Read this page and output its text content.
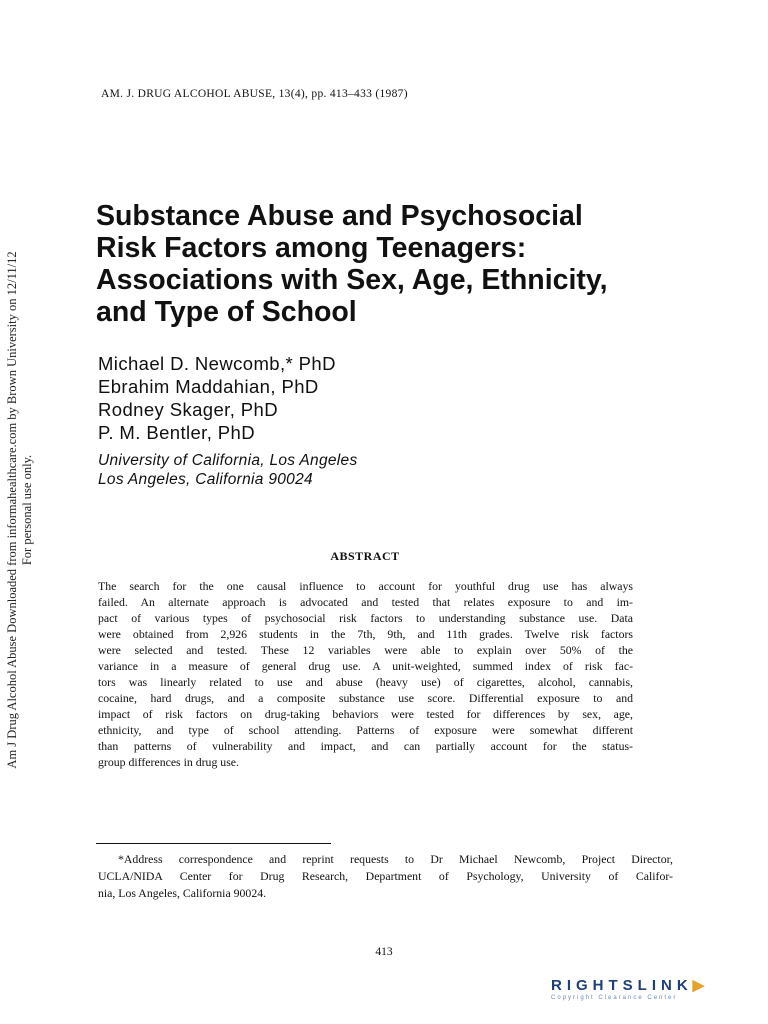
Am J Drug Alcohol Abuse Downloaded from informahealthcare.com by Brown University on 12/11/12 For personal use only.
AM. J. DRUG ALCOHOL ABUSE, 13(4), pp. 413–433 (1987)
Substance Abuse and Psychosocial
Risk Factors among Teenagers:
Associations with Sex, Age, Ethnicity,
and Type of School
Michael D. Newcomb,* PhD
Ebrahim Maddahian, PhD
Rodney Skager, PhD
P. M. Bentler, PhD
University of California, Los Angeles
Los Angeles, California 90024
ABSTRACT
The search for the one causal influence to account for youthful drug use has always
failed. An alternate approach is advocated and tested that relates exposure to and im-
pact of various types of psychosocial risk factors to understanding substance use. Data
were obtained from 2,926 students in the 7th, 9th, and 11th grades. Twelve risk factors
were selected and tested. These 12 variables were able to explain over 50% of the
variance in a measure of general drug use. A unit-weighted, summed index of risk fac-
tors was linearly related to use and abuse (heavy use) of cigarettes, alcohol, cannabis,
cocaine, hard drugs, and a composite substance use score. Differential exposure to and
impact of risk factors on drug-taking behaviors were tested for differences by sex, age,
ethnicity, and type of school attending. Patterns of exposure were somewhat different
than patterns of vulnerability and impact, and can partially account for the status-
group differences in drug use.
*Address correspondence and reprint requests to Dr Michael Newcomb, Project Director,
UCLA/NIDA Center for Drug Research, Department of Psychology, University of Califor-
nia, Los Angeles, California 90024.
413
RIGHTSLINK▶
Copyright Clearance Center
